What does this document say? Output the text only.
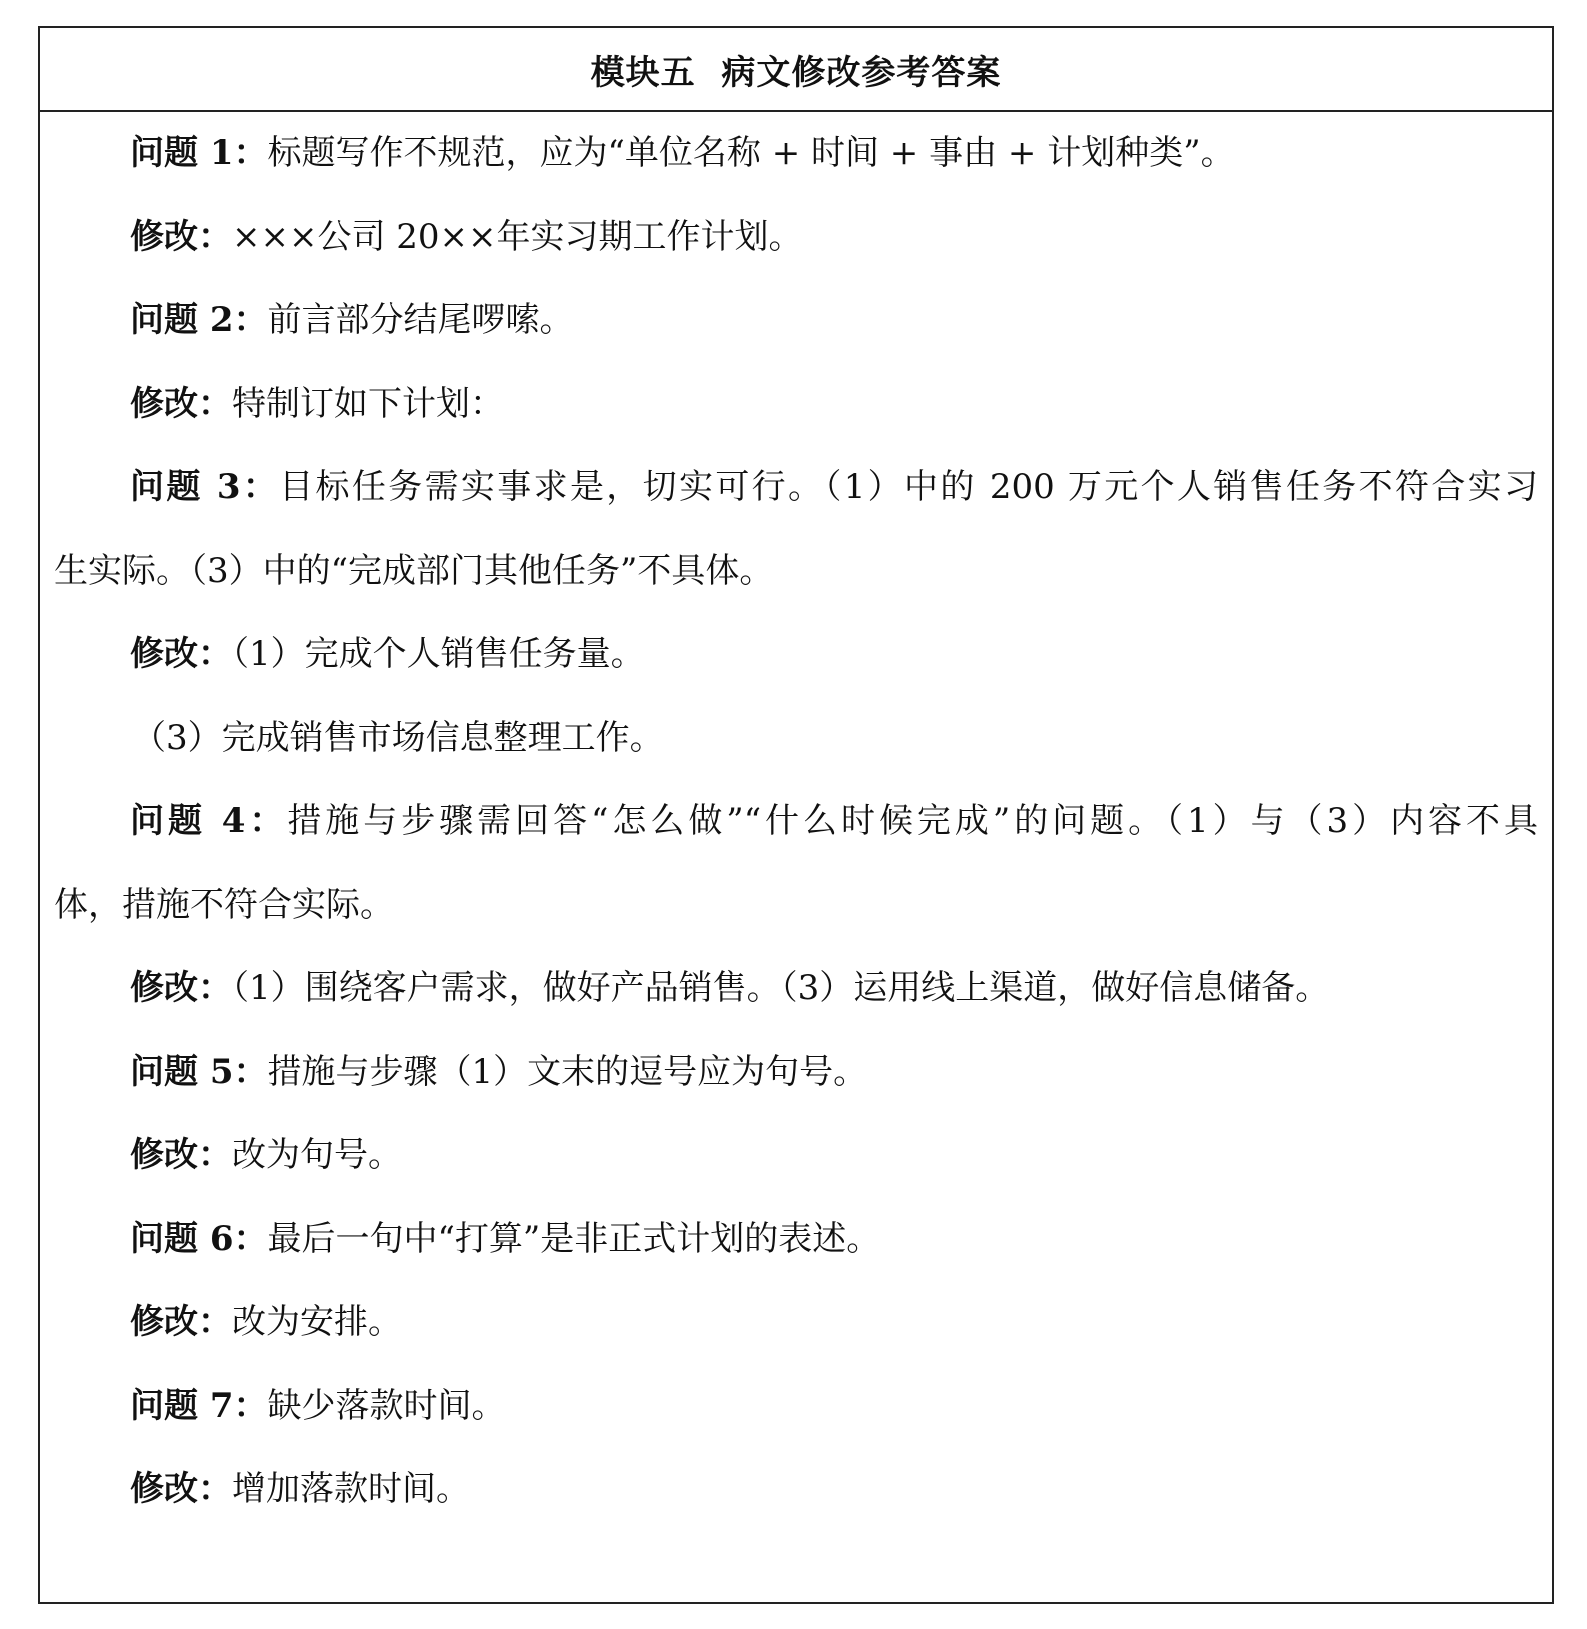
模块五  病文修改参考答案
问题 1：标题写作不规范，应为“单位名称 + 时间 + 事由 + 计划种类”。
修改：×××公司 20××年实习期工作计划。
问题 2：前言部分结尾啰嗦。
修改：特制订如下计划：
问题 3：目标任务需实事求是，切实可行。（1）中的 200 万元个人销售任务不符合实习
生实际。（3）中的“完成部门其他任务”不具体。
修改：（1）完成个人销售任务量。
（3）完成销售市场信息整理工作。
问题 4：措施与步骤需回答“怎么做”“什么时候完成”的问题。（1）与（3）内容不具
体，措施不符合实际。
修改：（1）围绕客户需求，做好产品销售。（3）运用线上渠道，做好信息储备。
问题 5：措施与步骤（1）文末的逗号应为句号。
修改：改为句号。
问题 6：最后一句中“打算”是非正式计划的表述。
修改：改为安排。
问题 7：缺少落款时间。
修改：增加落款时间。
